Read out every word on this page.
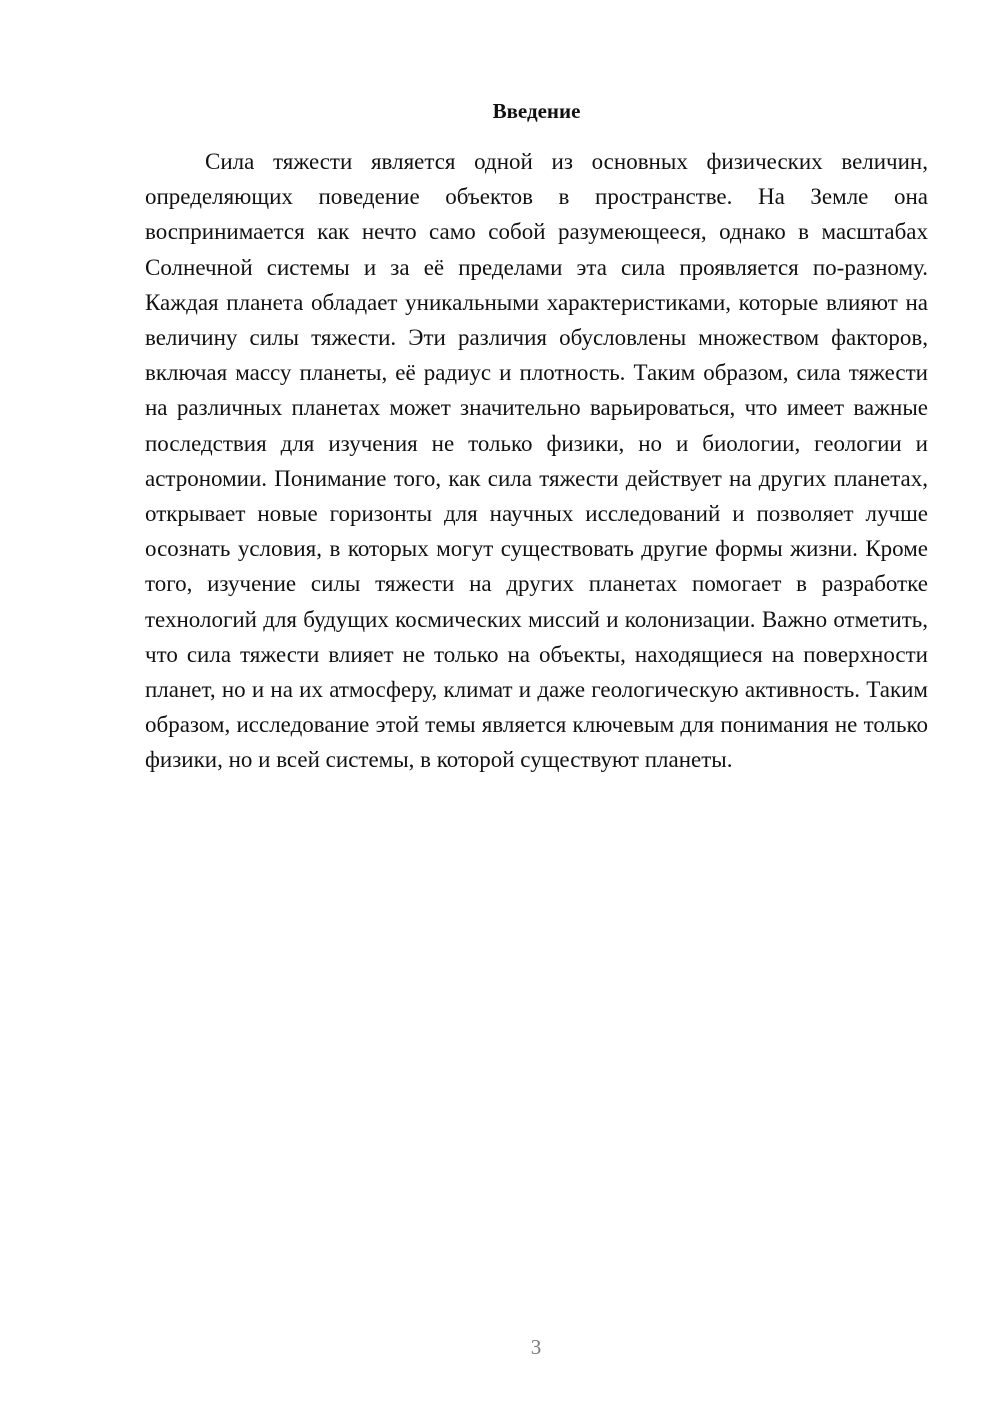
Введение

Сила тяжести является одной из основных физических величин, определяющих поведение объектов в пространстве. На Земле она воспринимается как нечто само собой разумеющееся, однако в масштабах Солнечной системы и за её пределами эта сила проявляется по-разному. Каждая планета обладает уникальными характеристиками, которые влияют на величину силы тяжести. Эти различия обусловлены множеством факторов, включая массу планеты, её радиус и плотность. Таким образом, сила тяжести на различных планетах может значительно варьироваться, что имеет важные последствия для изучения не только физики, но и биологии, геологии и астрономии. Понимание того, как сила тяжести действует на других планетах, открывает новые горизонты для научных исследований и позволяет лучше осознать условия, в которых могут существовать другие формы жизни. Кроме того, изучение силы тяжести на других планетах помогает в разработке технологий для будущих космических миссий и колонизации. Важно отметить, что сила тяжести влияет не только на объекты, находящиеся на поверхности планет, но и на их атмосферу, климат и даже геологическую активность. Таким образом, исследование этой темы является ключевым для понимания не только физики, но и всей системы, в которой существуют планеты.

3
